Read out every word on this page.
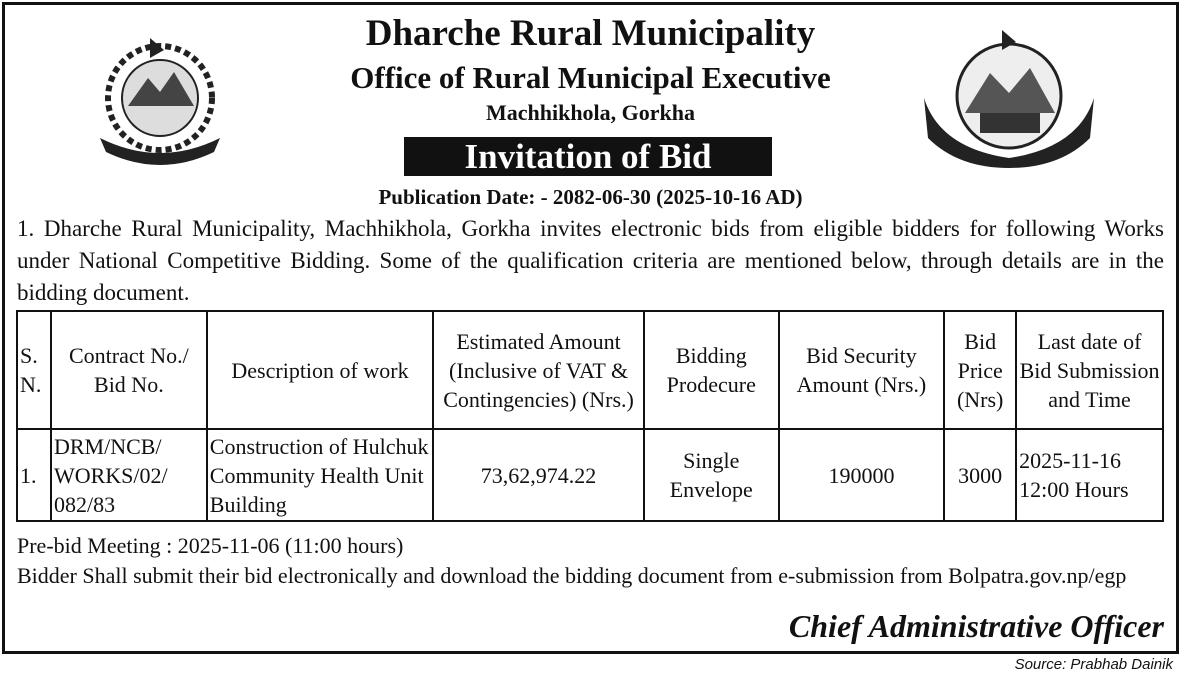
Dharche Rural Municipality
Office of Rural Municipal Executive
Machhikhola, Gorkha
Invitation of Bid
Publication Date: - 2082-06-30 (2025-10-16 AD)
1. Dharche Rural Municipality, Machhikhola, Gorkha invites electronic bids from eligible bidders for following Works under National Competitive Bidding. Some of the qualification criteria are mentioned below, through details are in the bidding document.
S. N.	Contract No./ Bid No.	Description of work	Estimated Amount (Inclusive of VAT & Contingencies) (Nrs.)	Bidding Prodecure	Bid Security Amount (Nrs.)	Bid Price (Nrs)	Last date of Bid Submission and Time
1.	DRM/NCB/ WORKS/02/ 082/83	Construction of Hulchuk Community Health Unit Building	73,62,974.22	Single Envelope	190000	3000	2025-11-16 12:00 Hours
Pre-bid Meeting : 2025-11-06 (11:00 hours)
Bidder Shall submit their bid electronically and download the bidding document from e-submission from Bolpatra.gov.np/egp
Chief Administrative Officer
Source: Prabhab Dainik
